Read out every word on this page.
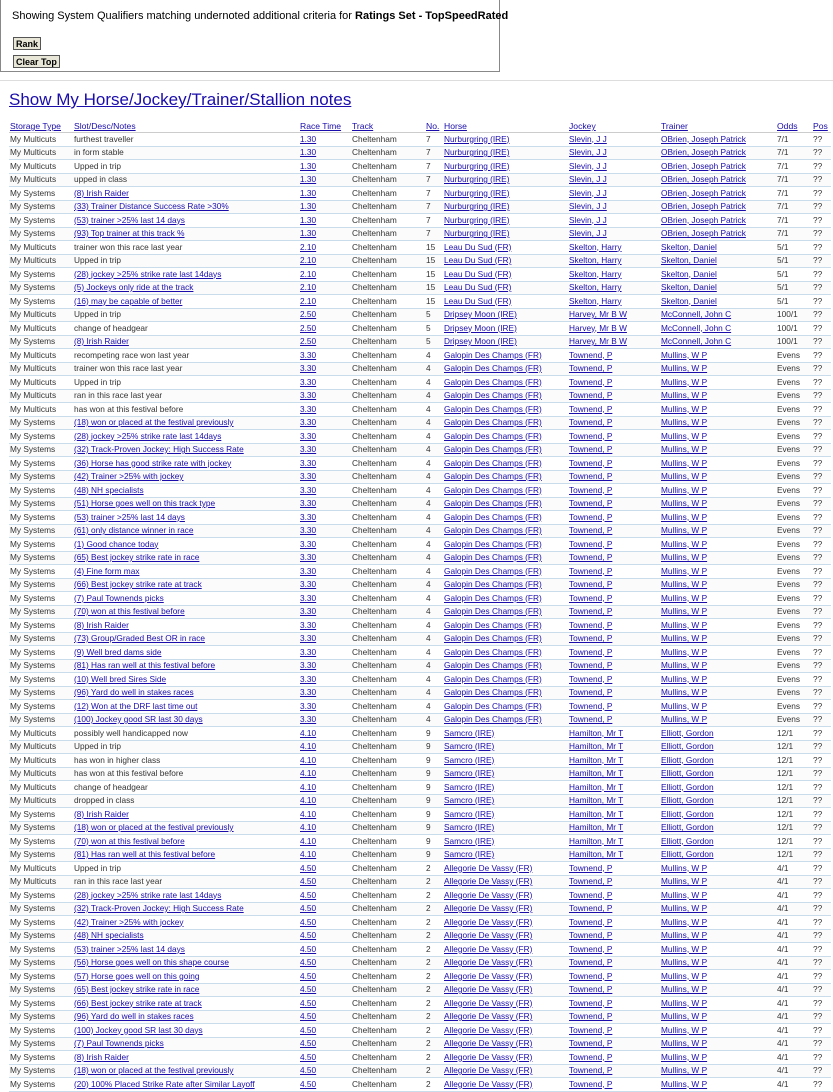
Showing System Qualifiers matching undernoted additional criteria for Ratings Set - TopSpeedRated
Rank
Clear Top
Show My Horse/Jockey/Trainer/Stallion notes
Storage Type	Slot/Desc/Notes	Race Time	Track	No.	Horse	Jockey	Trainer	Odds	Pos
My Multicuts	furthest traveller	1.30	Cheltenham	7	Nurburgring (IRE)	Slevin, J J	OBrien, Joseph Patrick	7/1	??
My Multicuts	in form stable	1.30	Cheltenham	7	Nurburgring (IRE)	Slevin, J J	OBrien, Joseph Patrick	7/1	??
My Multicuts	Upped in trip	1.30	Cheltenham	7	Nurburgring (IRE)	Slevin, J J	OBrien, Joseph Patrick	7/1	??
My Multicuts	upped in class	1.30	Cheltenham	7	Nurburgring (IRE)	Slevin, J J	OBrien, Joseph Patrick	7/1	??
My Systems	(8) Irish Raider	1.30	Cheltenham	7	Nurburgring (IRE)	Slevin, J J	OBrien, Joseph Patrick	7/1	??
My Systems	(33) Trainer Distance Success Rate >30%	1.30	Cheltenham	7	Nurburgring (IRE)	Slevin, J J	OBrien, Joseph Patrick	7/1	??
My Systems	(53) trainer >25% last 14 days	1.30	Cheltenham	7	Nurburgring (IRE)	Slevin, J J	OBrien, Joseph Patrick	7/1	??
My Systems	(93) Top trainer at this track %	1.30	Cheltenham	7	Nurburgring (IRE)	Slevin, J J	OBrien, Joseph Patrick	7/1	??
My Multicuts	trainer won this race last year	2.10	Cheltenham	15	Leau Du Sud (FR)	Skelton, Harry	Skelton, Daniel	5/1	??
My Multicuts	Upped in trip	2.10	Cheltenham	15	Leau Du Sud (FR)	Skelton, Harry	Skelton, Daniel	5/1	??
My Systems	(28) jockey >25% strike rate last 14days	2.10	Cheltenham	15	Leau Du Sud (FR)	Skelton, Harry	Skelton, Daniel	5/1	??
My Systems	(5) Jockeys only ride at the track	2.10	Cheltenham	15	Leau Du Sud (FR)	Skelton, Harry	Skelton, Daniel	5/1	??
My Systems	(16) may be capable of better	2.10	Cheltenham	15	Leau Du Sud (FR)	Skelton, Harry	Skelton, Daniel	5/1	??
My Multicuts	Upped in trip	2.50	Cheltenham	5	Dripsey Moon (IRE)	Harvey, Mr B W	McConnell, John C	100/1	??
My Multicuts	change of headgear	2.50	Cheltenham	5	Dripsey Moon (IRE)	Harvey, Mr B W	McConnell, John C	100/1	??
My Systems	(8) Irish Raider	2.50	Cheltenham	5	Dripsey Moon (IRE)	Harvey, Mr B W	McConnell, John C	100/1	??
My Multicuts	recompeting race won last year	3.30	Cheltenham	4	Galopin Des Champs (FR)	Townend, P	Mullins, W P	Evens	??
My Multicuts	trainer won this race last year	3.30	Cheltenham	4	Galopin Des Champs (FR)	Townend, P	Mullins, W P	Evens	??
My Multicuts	Upped in trip	3.30	Cheltenham	4	Galopin Des Champs (FR)	Townend, P	Mullins, W P	Evens	??
My Multicuts	ran in this race last year	3.30	Cheltenham	4	Galopin Des Champs (FR)	Townend, P	Mullins, W P	Evens	??
My Multicuts	has won at this festival before	3.30	Cheltenham	4	Galopin Des Champs (FR)	Townend, P	Mullins, W P	Evens	??
My Systems	(18) won or placed at the festival previously	3.30	Cheltenham	4	Galopin Des Champs (FR)	Townend, P	Mullins, W P	Evens	??
My Systems	(28) jockey >25% strike rate last 14days	3.30	Cheltenham	4	Galopin Des Champs (FR)	Townend, P	Mullins, W P	Evens	??
My Systems	(32) Track-Proven Jockey: High Success Rate	3.30	Cheltenham	4	Galopin Des Champs (FR)	Townend, P	Mullins, W P	Evens	??
My Systems	(36) Horse has good strike rate with jockey	3.30	Cheltenham	4	Galopin Des Champs (FR)	Townend, P	Mullins, W P	Evens	??
My Systems	(42) Trainer >25% with jockey	3.30	Cheltenham	4	Galopin Des Champs (FR)	Townend, P	Mullins, W P	Evens	??
My Systems	(48) NH specialists	3.30	Cheltenham	4	Galopin Des Champs (FR)	Townend, P	Mullins, W P	Evens	??
My Systems	(51) Horse goes well on this track type	3.30	Cheltenham	4	Galopin Des Champs (FR)	Townend, P	Mullins, W P	Evens	??
My Systems	(53) trainer >25% last 14 days	3.30	Cheltenham	4	Galopin Des Champs (FR)	Townend, P	Mullins, W P	Evens	??
My Systems	(61) only distance winner in race	3.30	Cheltenham	4	Galopin Des Champs (FR)	Townend, P	Mullins, W P	Evens	??
My Systems	(1) Good chance today	3.30	Cheltenham	4	Galopin Des Champs (FR)	Townend, P	Mullins, W P	Evens	??
My Systems	(65) Best jockey strike rate in race	3.30	Cheltenham	4	Galopin Des Champs (FR)	Townend, P	Mullins, W P	Evens	??
My Systems	(4) Fine form max	3.30	Cheltenham	4	Galopin Des Champs (FR)	Townend, P	Mullins, W P	Evens	??
My Systems	(66) Best jockey strike rate at track	3.30	Cheltenham	4	Galopin Des Champs (FR)	Townend, P	Mullins, W P	Evens	??
My Systems	(7) Paul Townends picks	3.30	Cheltenham	4	Galopin Des Champs (FR)	Townend, P	Mullins, W P	Evens	??
My Systems	(70) won at this festival before	3.30	Cheltenham	4	Galopin Des Champs (FR)	Townend, P	Mullins, W P	Evens	??
My Systems	(8) Irish Raider	3.30	Cheltenham	4	Galopin Des Champs (FR)	Townend, P	Mullins, W P	Evens	??
My Systems	(73) Group/Graded Best OR in race	3.30	Cheltenham	4	Galopin Des Champs (FR)	Townend, P	Mullins, W P	Evens	??
My Systems	(9) Well bred dams side	3.30	Cheltenham	4	Galopin Des Champs (FR)	Townend, P	Mullins, W P	Evens	??
My Systems	(81) Has ran well at this festival before	3.30	Cheltenham	4	Galopin Des Champs (FR)	Townend, P	Mullins, W P	Evens	??
My Systems	(10) Well bred Sires Side	3.30	Cheltenham	4	Galopin Des Champs (FR)	Townend, P	Mullins, W P	Evens	??
My Systems	(96) Yard do well in stakes races	3.30	Cheltenham	4	Galopin Des Champs (FR)	Townend, P	Mullins, W P	Evens	??
My Systems	(12) Won at the DRF last time out	3.30	Cheltenham	4	Galopin Des Champs (FR)	Townend, P	Mullins, W P	Evens	??
My Systems	(100) Jockey good SR last 30 days	3.30	Cheltenham	4	Galopin Des Champs (FR)	Townend, P	Mullins, W P	Evens	??
My Multicuts	possibly well handicapped now	4.10	Cheltenham	9	Samcro (IRE)	Hamilton, Mr T	Elliott, Gordon	12/1	??
My Multicuts	Upped in trip	4.10	Cheltenham	9	Samcro (IRE)	Hamilton, Mr T	Elliott, Gordon	12/1	??
My Multicuts	has won in higher class	4.10	Cheltenham	9	Samcro (IRE)	Hamilton, Mr T	Elliott, Gordon	12/1	??
My Multicuts	has won at this festival before	4.10	Cheltenham	9	Samcro (IRE)	Hamilton, Mr T	Elliott, Gordon	12/1	??
My Multicuts	change of headgear	4.10	Cheltenham	9	Samcro (IRE)	Hamilton, Mr T	Elliott, Gordon	12/1	??
My Multicuts	dropped in class	4.10	Cheltenham	9	Samcro (IRE)	Hamilton, Mr T	Elliott, Gordon	12/1	??
My Systems	(8) Irish Raider	4.10	Cheltenham	9	Samcro (IRE)	Hamilton, Mr T	Elliott, Gordon	12/1	??
My Systems	(18) won or placed at the festival previously	4.10	Cheltenham	9	Samcro (IRE)	Hamilton, Mr T	Elliott, Gordon	12/1	??
My Systems	(70) won at this festival before	4.10	Cheltenham	9	Samcro (IRE)	Hamilton, Mr T	Elliott, Gordon	12/1	??
My Systems	(81) Has ran well at this festival before	4.10	Cheltenham	9	Samcro (IRE)	Hamilton, Mr T	Elliott, Gordon	12/1	??
My Multicuts	Upped in trip	4.50	Cheltenham	2	Allegorie De Vassy (FR)	Townend, P	Mullins, W P	4/1	??
My Multicuts	ran in this race last year	4.50	Cheltenham	2	Allegorie De Vassy (FR)	Townend, P	Mullins, W P	4/1	??
My Systems	(28) jockey >25% strike rate last 14days	4.50	Cheltenham	2	Allegorie De Vassy (FR)	Townend, P	Mullins, W P	4/1	??
My Systems	(32) Track-Proven Jockey: High Success Rate	4.50	Cheltenham	2	Allegorie De Vassy (FR)	Townend, P	Mullins, W P	4/1	??
My Systems	(42) Trainer >25% with jockey	4.50	Cheltenham	2	Allegorie De Vassy (FR)	Townend, P	Mullins, W P	4/1	??
My Systems	(48) NH specialists	4.50	Cheltenham	2	Allegorie De Vassy (FR)	Townend, P	Mullins, W P	4/1	??
My Systems	(53) trainer >25% last 14 days	4.50	Cheltenham	2	Allegorie De Vassy (FR)	Townend, P	Mullins, W P	4/1	??
My Systems	(56) Horse goes well on this shape course	4.50	Cheltenham	2	Allegorie De Vassy (FR)	Townend, P	Mullins, W P	4/1	??
My Systems	(57) Horse goes well on this going	4.50	Cheltenham	2	Allegorie De Vassy (FR)	Townend, P	Mullins, W P	4/1	??
My Systems	(65) Best jockey strike rate in race	4.50	Cheltenham	2	Allegorie De Vassy (FR)	Townend, P	Mullins, W P	4/1	??
My Systems	(66) Best jockey strike rate at track	4.50	Cheltenham	2	Allegorie De Vassy (FR)	Townend, P	Mullins, W P	4/1	??
My Systems	(96) Yard do well in stakes races	4.50	Cheltenham	2	Allegorie De Vassy (FR)	Townend, P	Mullins, W P	4/1	??
My Systems	(100) Jockey good SR last 30 days	4.50	Cheltenham	2	Allegorie De Vassy (FR)	Townend, P	Mullins, W P	4/1	??
My Systems	(7) Paul Townends picks	4.50	Cheltenham	2	Allegorie De Vassy (FR)	Townend, P	Mullins, W P	4/1	??
My Systems	(8) Irish Raider	4.50	Cheltenham	2	Allegorie De Vassy (FR)	Townend, P	Mullins, W P	4/1	??
My Systems	(18) won or placed at the festival previously	4.50	Cheltenham	2	Allegorie De Vassy (FR)	Townend, P	Mullins, W P	4/1	??
My Systems	(20) 100% Placed Strike Rate after Similar Layoff	4.50	Cheltenham	2	Allegorie De Vassy (FR)	Townend, P	Mullins, W P	4/1	??
